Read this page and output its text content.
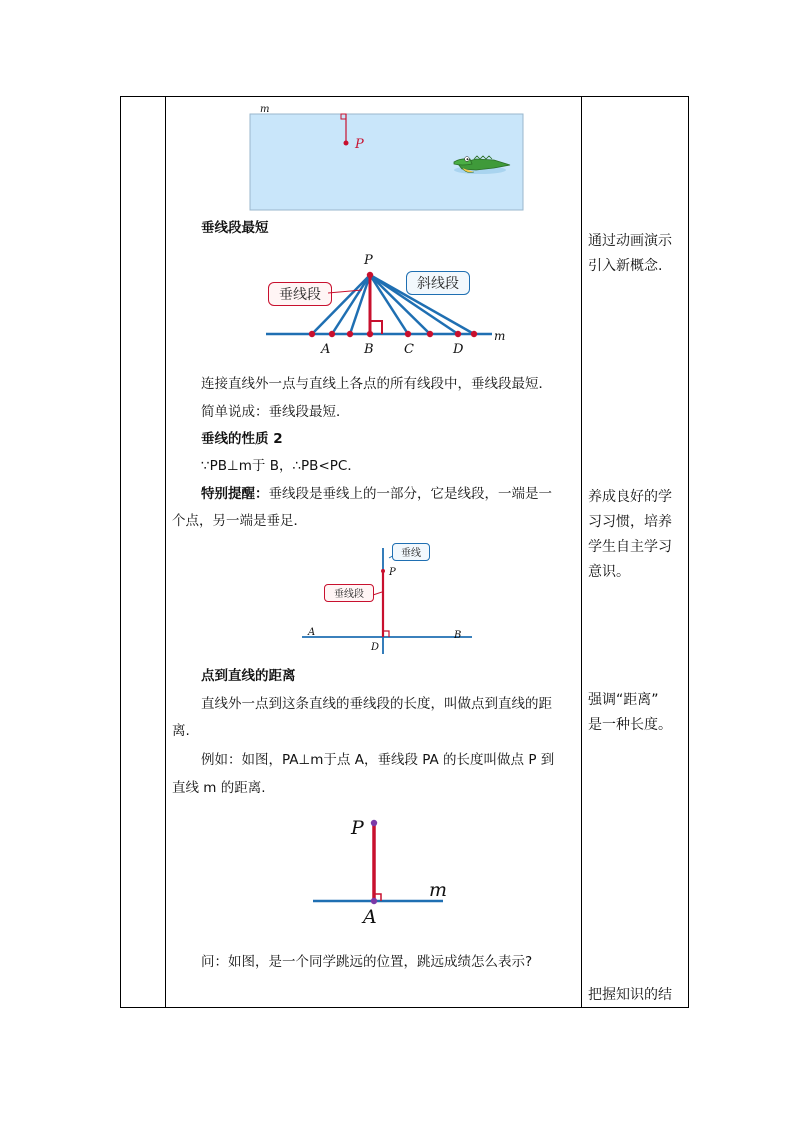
m
P
垂线段最短
P
m
A	B C	D
垂线段
斜线段
连接直线外一点与直线上各点的所有线段中，垂线段最短．
简单说成：垂线段最短．
垂线的性质 2
∵PB⊥m于 B，∴PB<PC．
特别提醒：垂线段是垂线上的一部分，它是线段，一端是一
个点，另一端是垂足．
P
A	B
D
垂线
垂线段
点到直线的距离
直线外一点到这条直线的垂线段的长度，叫做点到直线的距
离.
例如：如图，PA⊥m于点 A，垂线段 PA 的长度叫做点 P 到
直线 m 的距离.
P
A
m
问：如图，是一个同学跳远的位置，跳远成绩怎么表示?
通过动画演示
引入新概念.
养成良好的学
习习惯，培养
学生自主学习
意识。
强调“距离”
是一种长度。
把握知识的结
